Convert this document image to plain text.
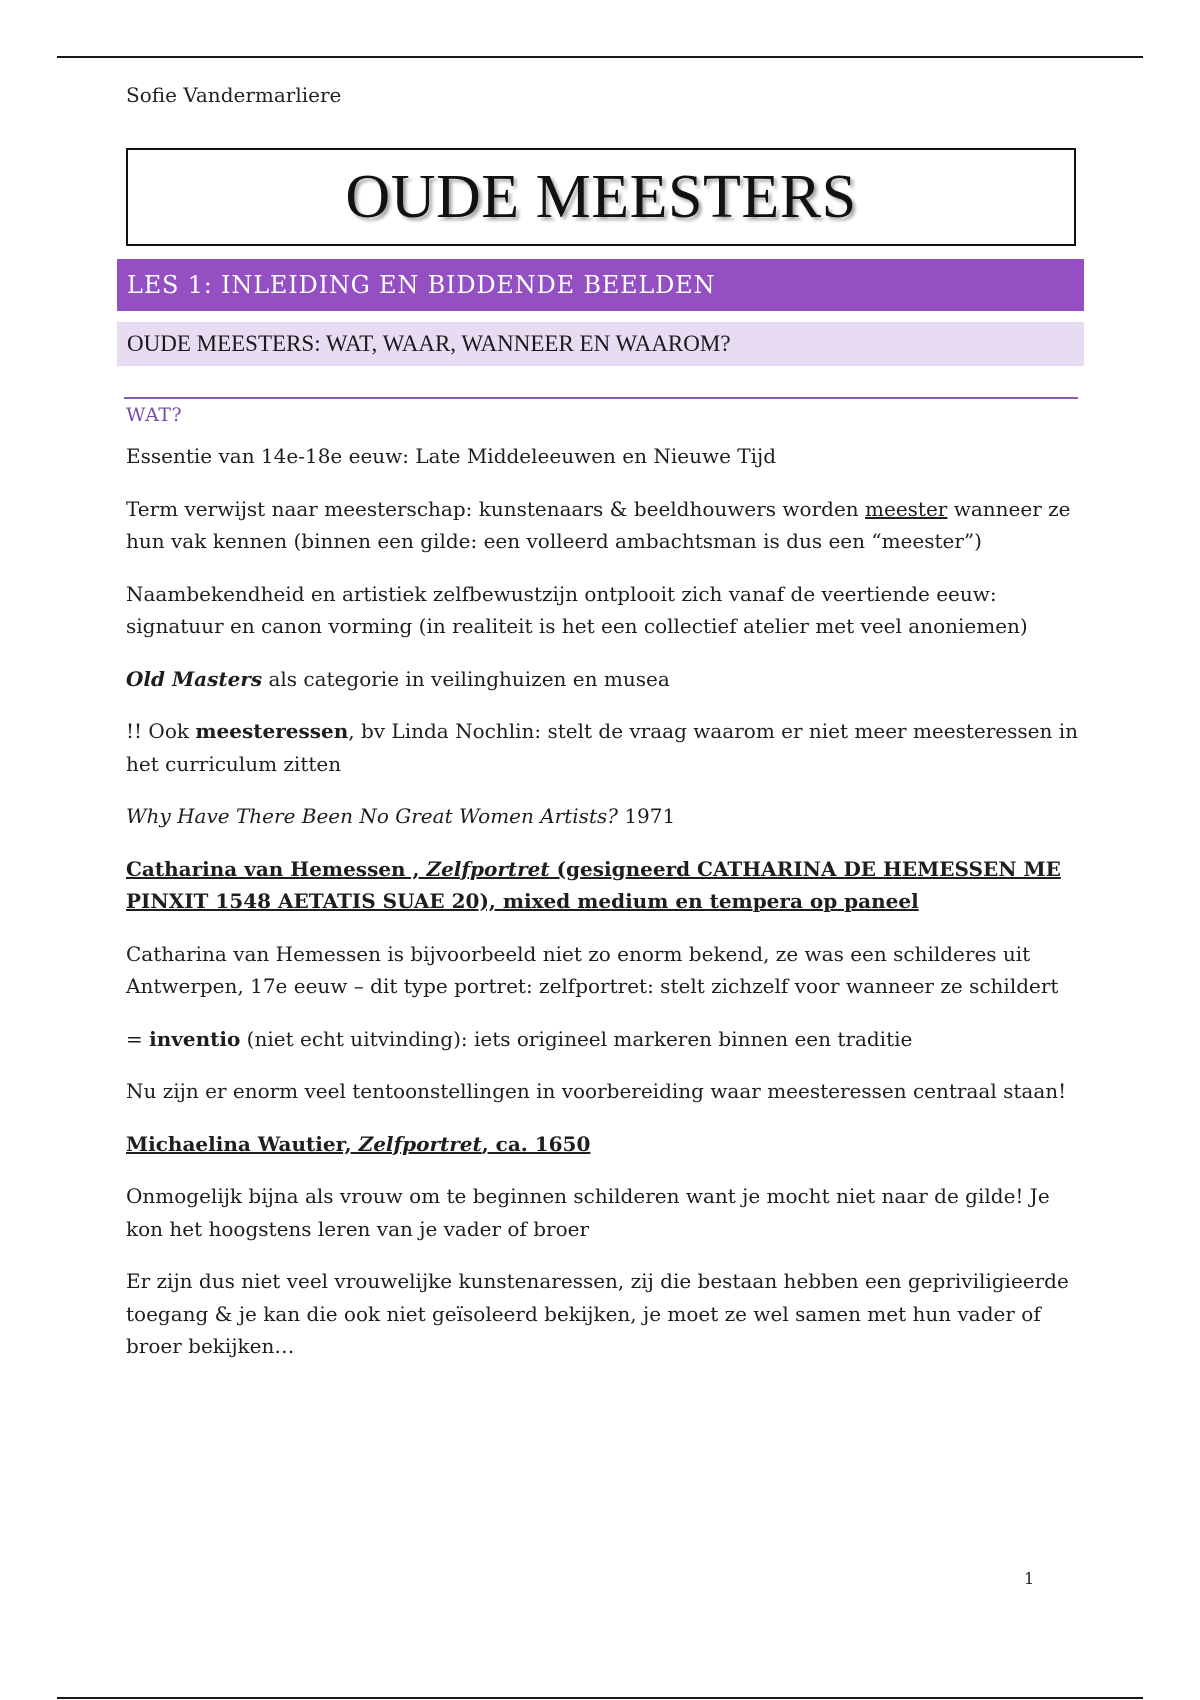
Sofie Vandermarliere
OUDE MEESTERS
LES 1: INLEIDING EN BIDDENDE BEELDEN
OUDE MEESTERS: WAT, WAAR, WANNEER EN WAAROM?
WAT?

Essentie van 14e-18e eeuw: Late Middeleeuwen en Nieuwe Tijd

Term verwijst naar meesterschap: kunstenaars & beeldhouwers worden meester wanneer ze hun vak kennen (binnen een gilde: een volleerd ambachtsman is dus een “meester”)

Naambekendheid en artistiek zelfbewustzijn ontplooit zich vanaf de veertiende eeuw: signatuur en canon vorming (in realiteit is het een collectief atelier met veel anoniemen)

Old Masters als categorie in veilinghuizen en musea

!! Ook meesteressen, bv Linda Nochlin: stelt de vraag waarom er niet meer meesteressen in het curriculum zitten

Why Have There Been No Great Women Artists? 1971

Catharina van Hemessen , Zelfportret (gesigneerd CATHARINA DE HEMESSEN ME PINXIT 1548 AETATIS SUAE 20), mixed medium en tempera op paneel

Catharina van Hemessen is bijvoorbeeld niet zo enorm bekend, ze was een schilderes uit Antwerpen, 17e eeuw – dit type portret: zelfportret: stelt zichzelf voor wanneer ze schildert

= inventio (niet echt uitvinding): iets origineel markeren binnen een traditie

Nu zijn er enorm veel tentoonstellingen in voorbereiding waar meesteressen centraal staan!

Michaelina Wautier, Zelfportret, ca. 1650

Onmogelijk bijna als vrouw om te beginnen schilderen want je mocht niet naar de gilde! Je kon het hoogstens leren van je vader of broer

Er zijn dus niet veel vrouwelijke kunstenaressen, zij die bestaan hebben een gepriviligieerde toegang & je kan die ook niet geïsoleerd bekijken, je moet ze wel samen met hun vader of broer bekijken…

1
